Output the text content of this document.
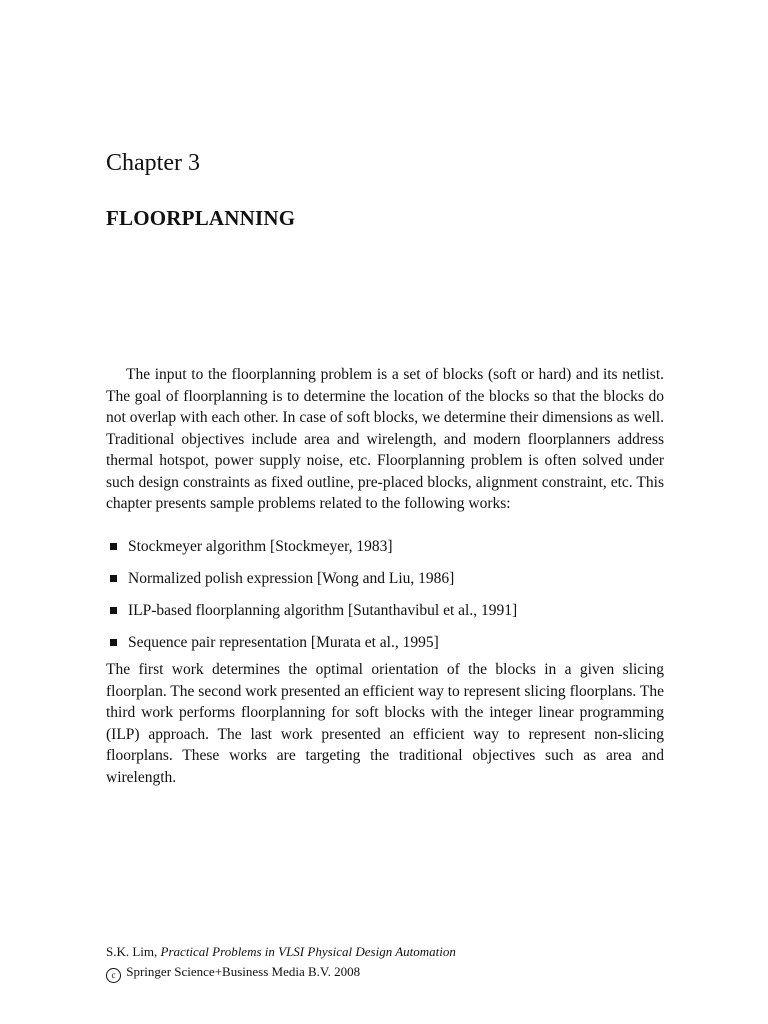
Chapter 3
FLOORPLANNING

The input to the floorplanning problem is a set of blocks (soft or hard) and its netlist. The goal of floorplanning is to determine the location of the blocks so that the blocks do not overlap with each other. In case of soft blocks, we determine their dimensions as well. Traditional objectives include area and wirelength, and modern floorplanners address thermal hotspot, power supply noise, etc. Floorplanning problem is often solved under such design constraints as fixed outline, pre-placed blocks, alignment constraint, etc. This chapter presents sample problems related to the following works:

Stockmeyer algorithm [Stockmeyer, 1983]
Normalized polish expression [Wong and Liu, 1986]
ILP-based floorplanning algorithm [Sutanthavibul et al., 1991]
Sequence pair representation [Murata et al., 1995]

The first work determines the optimal orientation of the blocks in a given slicing floorplan. The second work presented an efficient way to represent slicing floorplans. The third work performs floorplanning for soft blocks with the integer linear programming (ILP) approach. The last work presented an efficient way to represent non-slicing floorplans. These works are targeting the traditional objectives such as area and wirelength.

S.K. Lim, Practical Problems in VLSI Physical Design Automation
c Springer Science+Business Media B.V. 2008
